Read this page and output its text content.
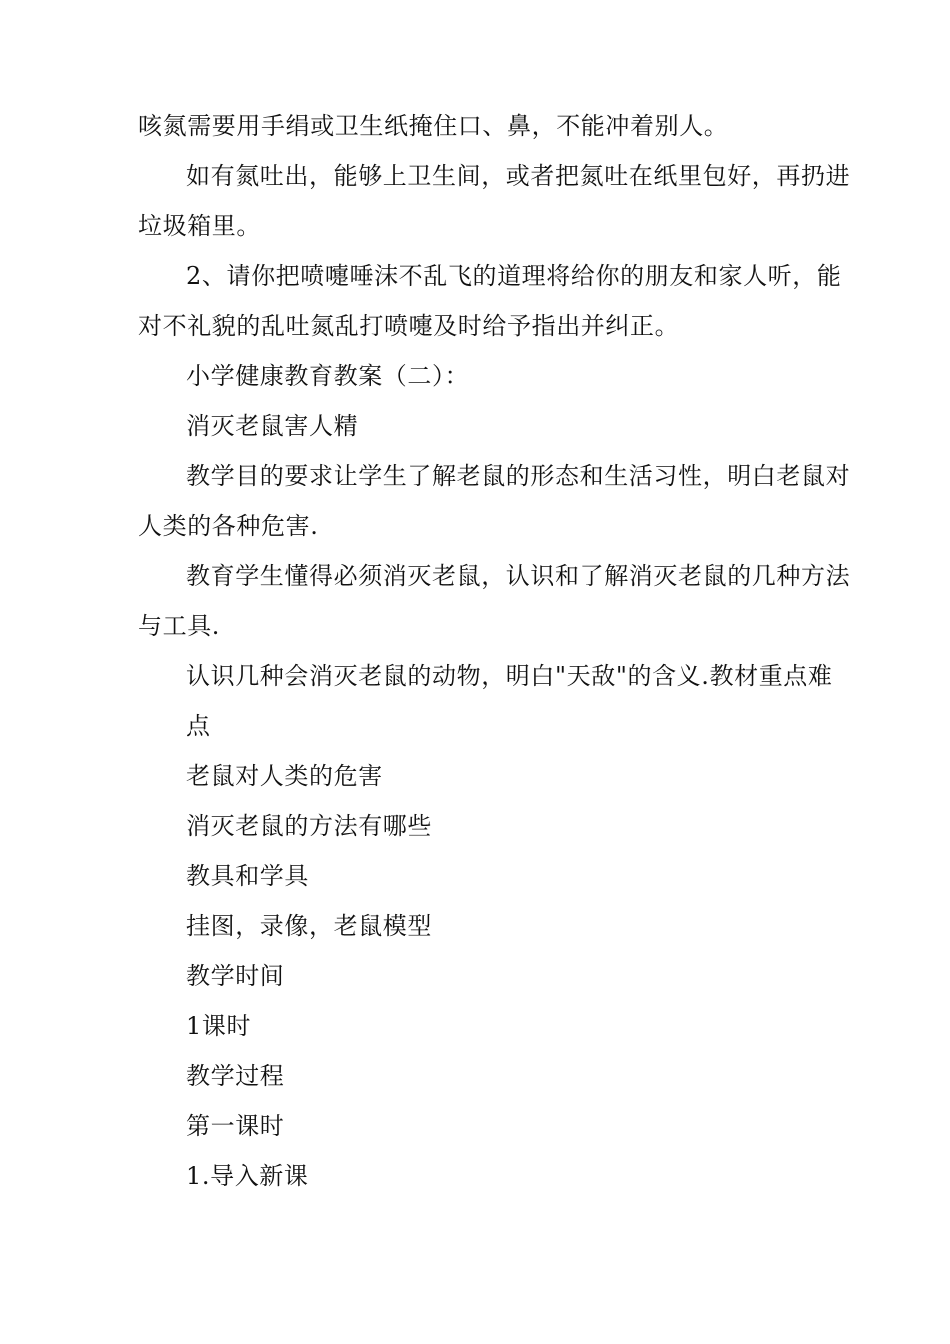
咳氮需要用手绢或卫生纸掩住口、鼻，不能冲着别人。
如有氮吐出，能够上卫生间，或者把氮吐在纸里包好，再扔进
垃圾箱里。
2、请你把喷嚏唾沫不乱飞的道理将给你的朋友和家人听，能
对不礼貌的乱吐氮乱打喷嚏及时给予指出并纠正。
小学健康教育教案（二）：
消灭老鼠害人精
教学目的要求让学生了解老鼠的形态和生活习性，明白老鼠对
人类的各种危害.
教育学生懂得必须消灭老鼠，认识和了解消灭老鼠的几种方法
与工具.
认识几种会消灭老鼠的动物，明白"天敌"的含义.教材重点难
点
老鼠对人类的危害
消灭老鼠的方法有哪些
教具和学具
挂图，录像，老鼠模型
教学时间
1课时
教学过程
第一课时
1.导入新课
